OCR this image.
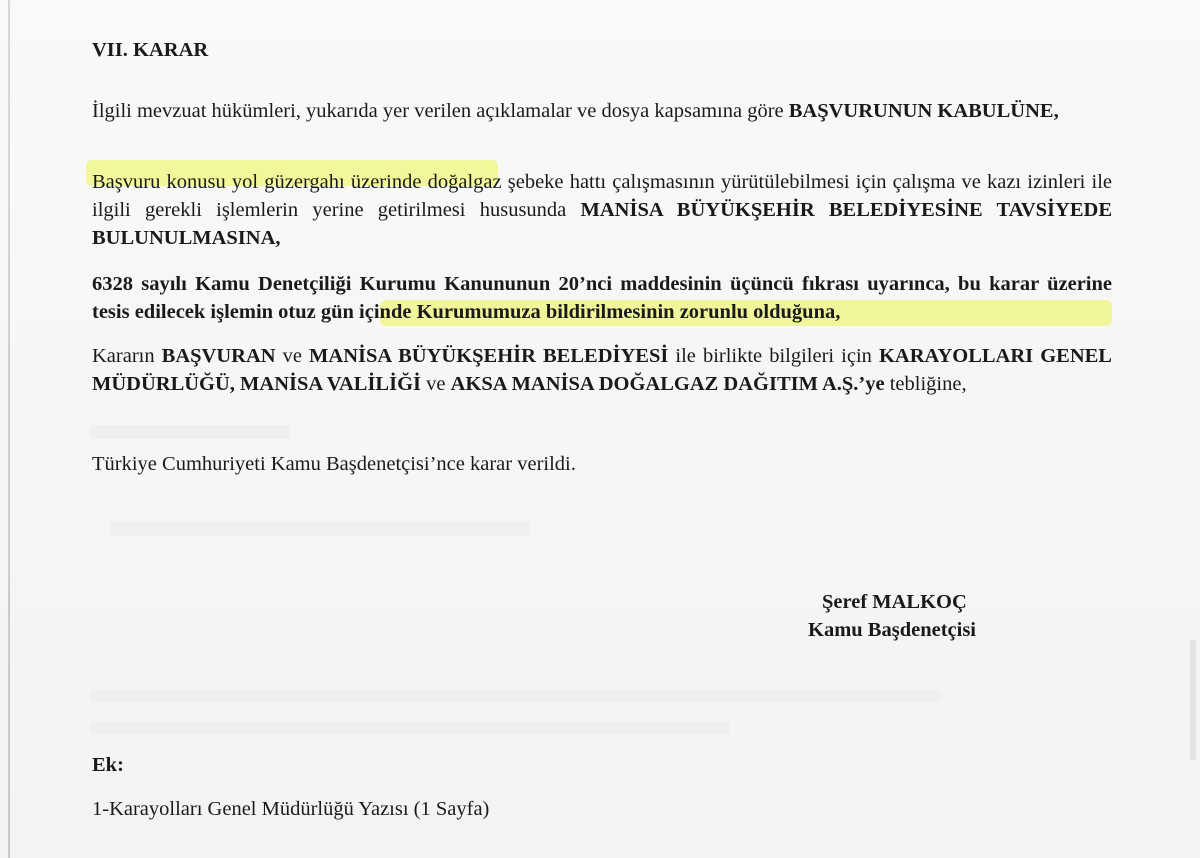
VII. KARAR

İlgili mevzuat hükümleri, yukarıda yer verilen açıklamalar ve dosya kapsamına göre BAŞVURUNUN KABULÜNE,

Başvuru konusu yol güzergahı üzerinde doğalgaz şebeke hattı çalışmasının yürütülebilmesi için çalışma ve kazı izinleri ile ilgili gerekli işlemlerin yerine getirilmesi hususunda MANİSA BÜYÜKŞEHİR BELEDİYESİNE TAVSİYEDE BULUNULMASINA,

6328 sayılı Kamu Denetçiliği Kurumu Kanununun 20’nci maddesinin üçüncü fıkrası uyarınca, bu karar üzerine tesis edilecek işlemin otuz gün içinde Kurumumuza bildirilmesinin zorunlu olduğuna,

Kararın BAŞVURAN ve MANİSA BÜYÜKŞEHİR BELEDİYESİ ile birlikte bilgileri için KARAYOLLARI GENEL MÜDÜRLÜĞÜ, MANİSA VALİLİĞİ ve AKSA MANİSA DOĞALGAZ DAĞITIM A.Ş.’ye tebliğine,

Türkiye Cumhuriyeti Kamu Başdenetçisi’nce karar verildi.

Şeref MALKOÇ
Kamu Başdenetçisi

Ek:

1-Karayolları Genel Müdürlüğü Yazısı (1 Sayfa)
